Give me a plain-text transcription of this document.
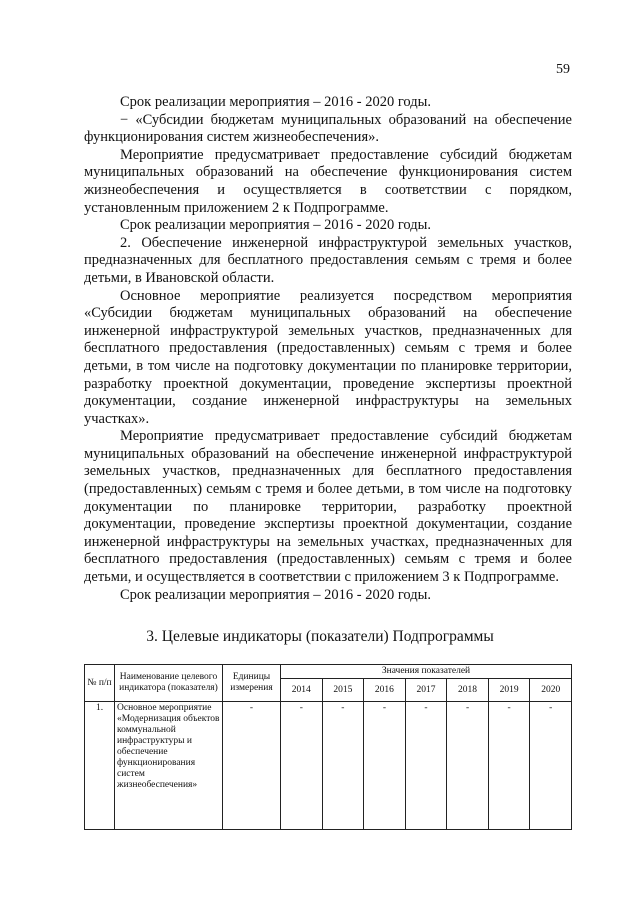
59

Срок реализации мероприятия – 2016 - 2020 годы.

− «Субсидии бюджетам муниципальных образований на обеспечение функционирования систем жизнеобеспечения».

Мероприятие предусматривает предоставление субсидий бюджетам муниципальных образований на обеспечение функционирования систем жизнеобеспечения и осуществляется в соответствии с порядком, установленным приложением 2 к Подпрограмме.

Срок реализации мероприятия – 2016 - 2020 годы.

2. Обеспечение инженерной инфраструктурой земельных участков, предназначенных для бесплатного предоставления семьям с тремя и более детьми, в Ивановской области.

Основное мероприятие реализуется посредством мероприятия «Субсидии бюджетам муниципальных образований на обеспечение инженерной инфраструктурой земельных участков, предназначенных для бесплатного предоставления (предоставленных) семьям с тремя и более детьми, в том числе на подготовку документации по планировке территории, разработку проектной документации, проведение экспертизы проектной документации, создание инженерной инфраструктуры на земельных участках».

Мероприятие предусматривает предоставление субсидий бюджетам муниципальных образований на обеспечение инженерной инфраструктурой земельных участков, предназначенных для бесплатного предоставления (предоставленных) семьям с тремя и более детьми, в том числе на подготовку документации по планировке территории, разработку проектной документации, проведение экспертизы проектной документации, создание инженерной инфраструктуры на земельных участках, предназначенных для бесплатного предоставления (предоставленных) семьям с тремя и более детьми, и осуществляется в соответствии с приложением 3 к Подпрограмме.

Срок реализации мероприятия – 2016 - 2020 годы.

3. Целевые индикаторы (показатели) Подпрограммы
№ п/п	Наименование целевого индикатора (показателя)	Единицы измерения	Значения показателей						
			2014	2015	2016	2017	2018	2019	2020
1.	Основное мероприятие «Модернизация объектов коммунальной инфраструктуры и обеспечение функционирования систем жизнеобеспечения»	-	-	-	-	-	-	-	-
